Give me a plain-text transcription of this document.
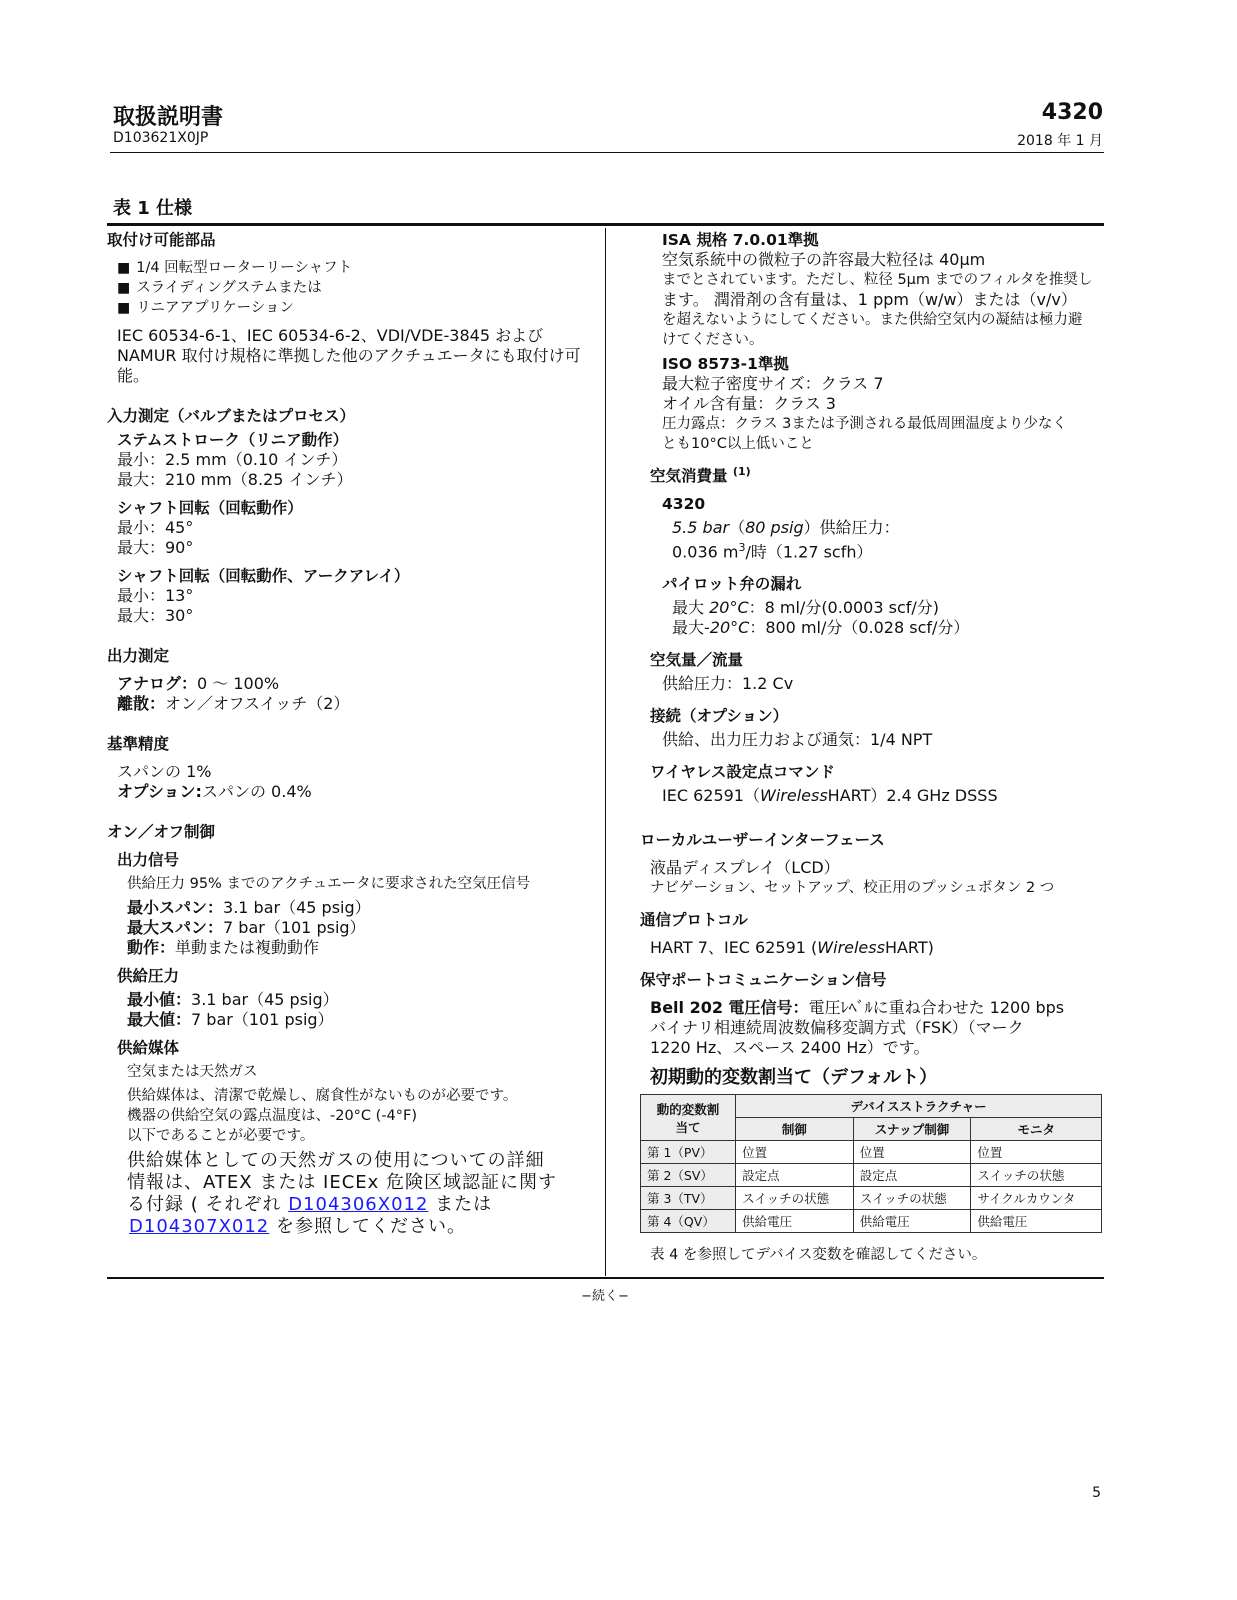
取扱説明書	4320
D103621X0JP	2018 年 1 月
表 1 仕様
取付け可能部品
■ 1/4 回転型ローターリーシャフト
■ スライディングステムまたは
■ リニアアプリケーション
IEC 60534-6-1、IEC 60534-6-2、VDI/VDE-3845 および
NAMUR 取付け規格に準拠した他のアクチュエータにも取付け可
能。
入力測定（バルブまたはプロセス）
ステムストローク（リニア動作）
最小：2.5 mm（0.10 インチ）
最大：210 mm（8.25 インチ）
シャフト回転（回転動作）
最小：45°
最大：90°
シャフト回転（回転動作、アークアレイ）
最小：13°
最大：30°
出力測定
アナログ：0 ～ 100%
離散：オン／オフスイッチ（2）
基準精度
スパンの 1%
オプション:スパンの 0.4%
オン／オフ制御
出力信号
供給圧力 95% までのアクチュエータに要求された空気圧信号
最小スパン：3.1 bar（45 psig）
最大スパン：7 bar（101 psig）
動作：単動または複動動作
供給圧力
最小値：3.1 bar（45 psig）
最大値：7 bar（101 psig）
供給媒体
空気または天然ガス
供給媒体は、清潔で乾燥し、腐食性がないものが必要です。
機器の供給空気の露点温度は、-20°C (-4°F)
以下であることが必要です。
供給媒体としての天然ガスの使用についての詳細
情報は、ATEX または IECEx 危険区域認証に関す
る付録 ( それぞれ D104306X012 または
D104307X012 を参照してください。
ISA 規格 7.0.01準拠
空気系統中の微粒子の許容最大粒径は 40μm
までとされています。ただし、粒径 5μm までのフィルタを推奨し
ます。 潤滑剤の含有量は、1 ppm（w/w）または（v/v）
を超えないようにしてください。また供給空気内の凝結は極力避
けてください。
ISO 8573-1準拠
最大粒子密度サイズ：クラス 7
オイル含有量：クラス 3
圧力露点：クラス 3または予測される最低周囲温度より少なく
とも10°C以上低いこと
空気消費量 $^{(1)}$
4320
5.5 bar（80 psig）供給圧力：
0.036 $m^3/$時（1.27 scfh）
パイロット弁の漏れ
最大 20°C：8 ml/分(0.0003 scf/分)
最大-20°C：800 ml/分（0.028 scf/分）
空気量／流量
供給圧力：1.2 Cv
接続（オプション）
供給、出力圧力および通気：1/4 NPT
ワイヤレス設定点コマンド
IEC 62591（WirelessHART）2.4 GHz DSSS
ローカルユーザーインターフェース
液晶ディスプレイ（LCD）
ナビゲーション、セットアップ、校正用のプッシュボタン 2 つ
通信プロトコル
HART 7、IEC 62591 (WirelessHART)
保守ポートコミュニケーション信号
Bell 202 電圧信号：電圧ﾚﾍﾞﾙに重ね合わせた 1200 bps
バイナリ相連続周波数偏移変調方式（FSK）（マーク
1220 Hz、スペース 2400 Hz）です。
初期動的変数割当て（デフォルト）
動的変数割
当て	デバイスストラクチャー		
	制御	スナップ制御	モニタ
第 1（PV）	位置	位置	位置
第 2（SV）	設定点	設定点	スイッチの状態
第 3（TV）	スイッチの状態	スイッチの状態	サイクルカウンタ
第 4（QV）	供給電圧	供給電圧	供給電圧
表 4 を参照してデバイス変数を確認してください。
−続く−
5
